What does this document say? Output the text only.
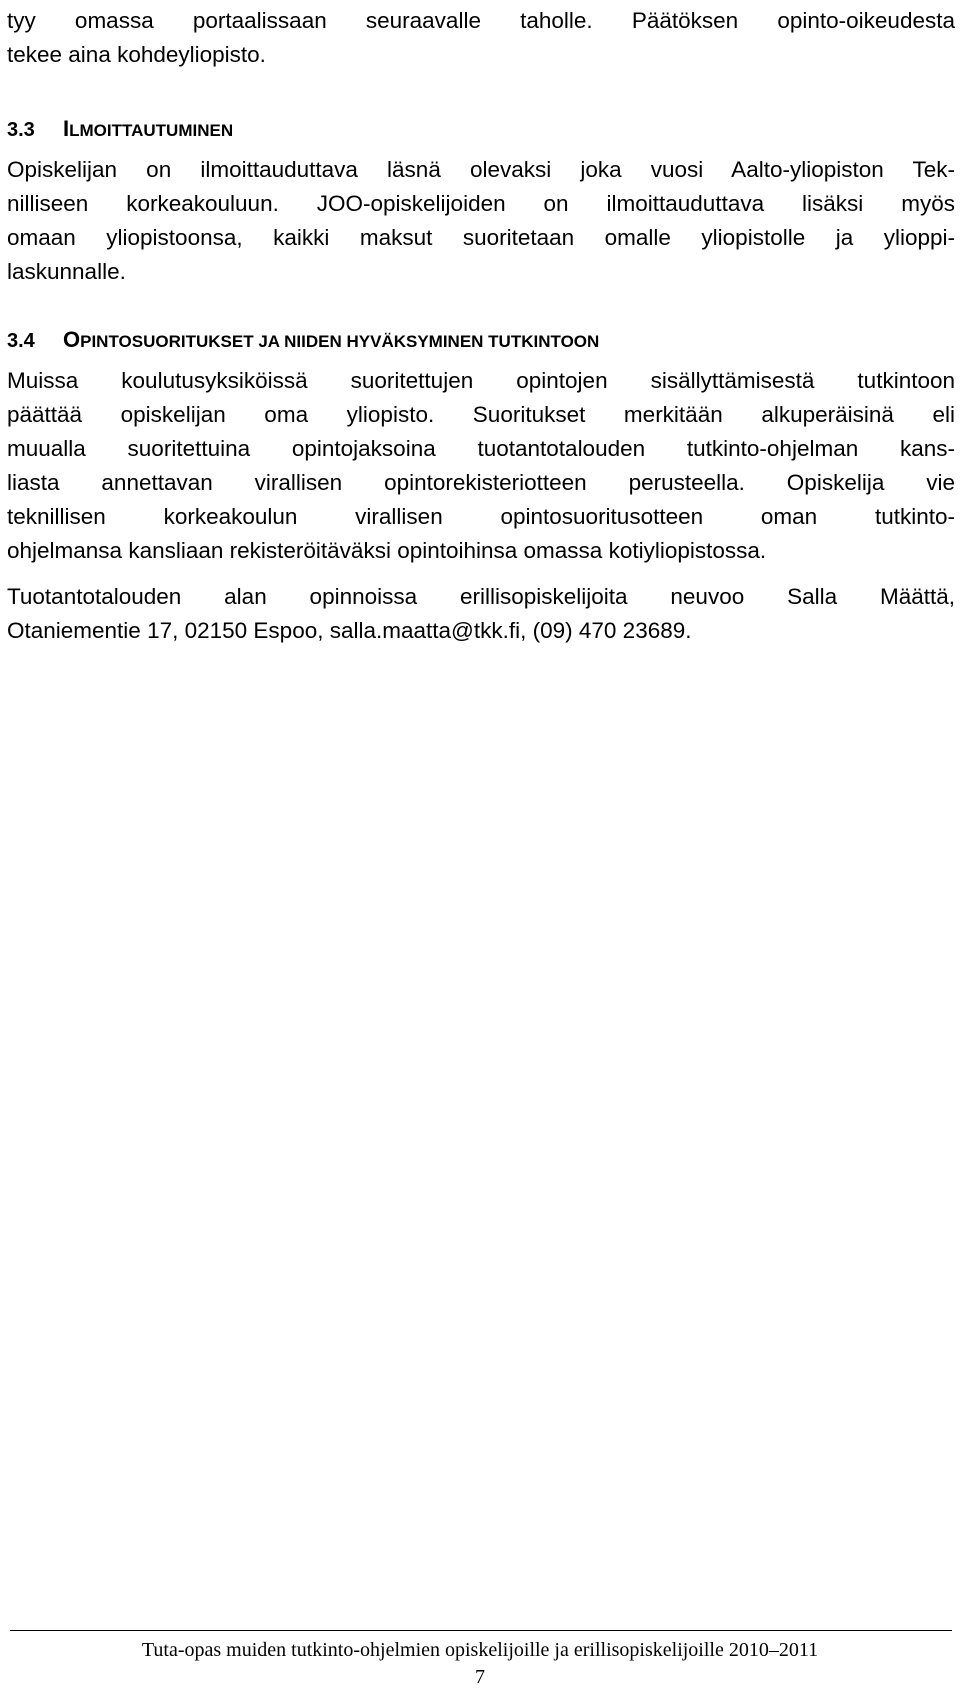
tyy omassa portaalissaan seuraavalle taholle. Päätöksen opinto-oikeudesta
tekee aina kohdeyliopisto.
3.3 ILMOITTAUTUMINEN
Opiskelijan on ilmoittauduttava läsnä olevaksi joka vuosi Aalto-yliopiston Tek-
nilliseen korkeakouluun. JOO-opiskelijoiden on ilmoittauduttava lisäksi myös
omaan yliopistoonsa, kaikki maksut suoritetaan omalle yliopistolle ja ylioppi-
laskunnalle.
3.4 OPINTOSUORITUKSET JA NIIDEN HYVÄKSYMINEN TUTKINTOON
Muissa koulutusyksiköissä suoritettujen opintojen sisällyttämisestä tutkintoon
päättää opiskelijan oma yliopisto. Suoritukset merkitään alkuperäisinä eli
muualla suoritettuina opintojaksoina tuotantotalouden tutkinto-ohjelman kans-
liasta annettavan virallisen opintorekisteriotteen perusteella. Opiskelija vie
teknillisen korkeakoulun virallisen opintosuoritusotteen oman tutkinto-
ohjelmansa kansliaan rekisteröitäväksi opintoihinsa omassa kotiyliopistossa.
Tuotantotalouden alan opinnoissa erillisopiskelijoita neuvoo Salla Määttä,
Otaniementie 17, 02150 Espoo, salla.maatta@tkk.fi, (09) 470 23689.
Tuta-opas muiden tutkinto-ohjelmien opiskelijoille ja erillisopiskelijoille 2010–2011
7
